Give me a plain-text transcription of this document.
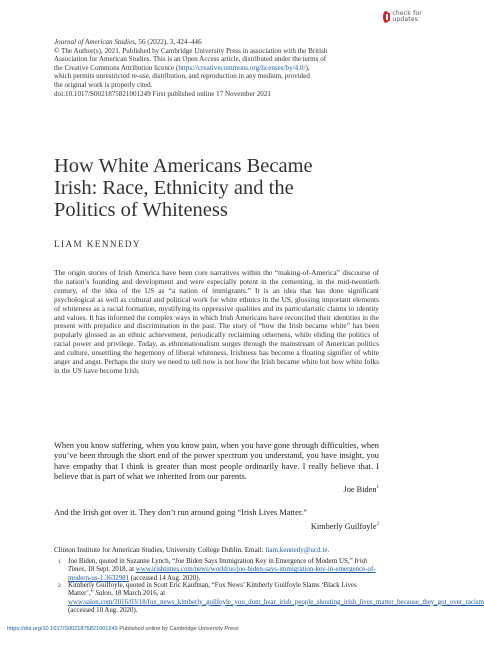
check for updates
Journal of American Studies, 56 (2022), 3, 424–446
© The Author(s), 2021. Published by Cambridge University Press in association with the British
Association for American Studies. This is an Open Access article, distributed under the terms of
the Creative Commons Attribution licence (https://creativecommons.org/licenses/by/4.0/),
which permits unrestricted re-use, distribution, and reproduction in any medium, provided
the original work is properly cited.
doi:10.1017/S0021875821001249 First published online 17 November 2021
How White Americans Became
Irish: Race, Ethnicity and the
Politics of Whiteness
LIAM KENNEDY

The origin stories of Irish America have been core narratives within the “making-of-America” discourse of the nation’s founding and development and were especially potent in the cementing, in the mid-twentieth century, of the idea of the US as “a nation of immigrants.” It is an idea that has done significant psychological as well as cultural and political work for white ethnics in the US, glossing important elements of whiteness as a racial formation, mystifying its oppressive qualities and its particularistic claims to identity and values. It has informed the complex ways in which Irish Americans have reconciled their identities in the present with prejudice and discrimination in the past. The story of “how the Irish became white” has been popularly glossed as an ethnic achievement, periodically reclaiming otherness, while eliding the politics of racial power and privilege. Today, as ethnonationalism surges through the mainstream of American politics and culture, unsettling the hegemony of liberal whiteness, Irishness has become a floating signifier of white anger and angst. Perhaps the story we need to tell now is not how the Irish became white but how white folks in the US have become Irish.

When you know suffering, when you know pain, when you have gone through difficulties, when you’ve been through the short end of the power spectrum you understand, you have insight, you have empathy that I think is greater than most people ordinarily have. I really believe that. I believe that is part of what we inherited from our parents.

Joe Biden$^1$

And the Irish got over it. They don’t run around going “Irish Lives Matter.”

Kimberly Guilfoyle$^2$
Clinton Institute for American Studies, University College Dublin. Email: liam.kennedy@ucd.ie.
1 Joe Biden, quoted in Suzanne Lynch, “Joe Biden Says Immigration Key in Emergence of Modern US,” Irish Times, 18 Sept. 2018, at www.irishtimes.com/news/world/us/joe-biden-says-immigration-key-in-emergence-of-modern-us-1.3632981 (accessed 14 Aug. 2020).
2 Kimberly Guilfoyle, quoted in Scott Eric Kaufman, “Fox News’ Kimberly Guilfoyle Slams ‘Black Lives Matter’,” Salon, 18 March 2016, at www.salon.com/2016/03/18/fox_news_kimberly_guilfoyle_you_dont_hear_irish_people_shouting_irish_lives_matter_because_they_got_over_racism (accessed 10 Aug. 2020).
https://doi.org/10.1017/S0021875821001249 Published online by Cambridge University Press
